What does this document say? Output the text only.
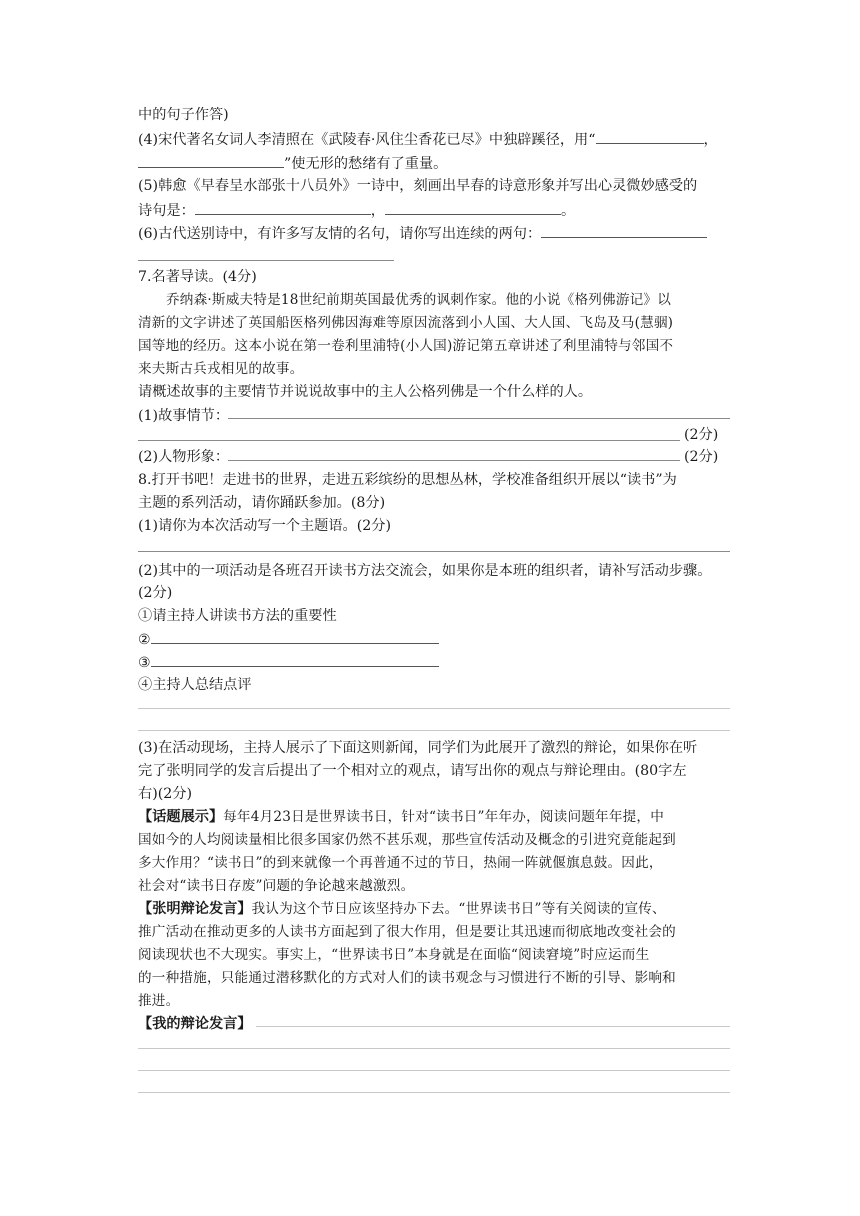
中的句子作答)
(4)宋代著名女词人李清照在《武陵春·风住尘香花已尽》中独辟蹊径，用“	，
”使无形的愁绪有了重量。
(5)韩愈《早春呈水部张十八员外》一诗中，刻画出早春的诗意形象并写出心灵微妙感受的
诗句是：	，	。
(6)古代送别诗中，有许多写友情的名句，请你写出连续的两句：
7.名著导读。(4分)
乔纳森·斯威夫特是18世纪前期英国最优秀的讽刺作家。他的小说《格列佛游记》以
清新的文字讲述了英国船医格列佛因海难等原因流落到小人国、大人国、飞岛及马(慧骃)
国等地的经历。这本小说在第一卷利里浦特(小人国)游记第五章讲述了利里浦特与邻国不
来夫斯古兵戎相见的故事。
请概述故事的主要情节并说说故事中的主人公格列佛是一个什么样的人。
(1)故事情节：
(2分)
(2)人物形象：	(2分)
8.打开书吧！走进书的世界，走进五彩缤纷的思想丛林，学校准备组织开展以“读书”为
主题的系列活动，请你踊跃参加。(8分)
(1)请你为本次活动写一个主题语。(2分)
(2)其中的一项活动是各班召开读书方法交流会，如果你是本班的组织者，请补写活动步骤。
(2分)
①请主持人讲读书方法的重要性
②
③
④主持人总结点评
(3)在活动现场，主持人展示了下面这则新闻，同学们为此展开了激烈的辩论，如果你在听
完了张明同学的发言后提出了一个相对立的观点，请写出你的观点与辩论理由。(80字左
右)(2分)
【话题展示】每年4月23日是世界读书日，针对“读书日”年年办，阅读问题年年提，中
国如今的人均阅读量相比很多国家仍然不甚乐观，那些宣传活动及概念的引进究竟能起到
多大作用？“读书日”的到来就像一个再普通不过的节日，热闹一阵就偃旗息鼓。因此，
社会对“读书日存废”问题的争论越来越激烈。
【张明辩论发言】我认为这个节日应该坚持办下去。“世界读书日”等有关阅读的宣传、
推广活动在推动更多的人读书方面起到了很大作用，但是要让其迅速而彻底地改变社会的
阅读现状也不大现实。事实上，“世界读书日”本身就是在面临“阅读窘境”时应运而生
的一种措施，只能通过潜移默化的方式对人们的读书观念与习惯进行不断的引导、影响和
推进。
【我的辩论发言】
